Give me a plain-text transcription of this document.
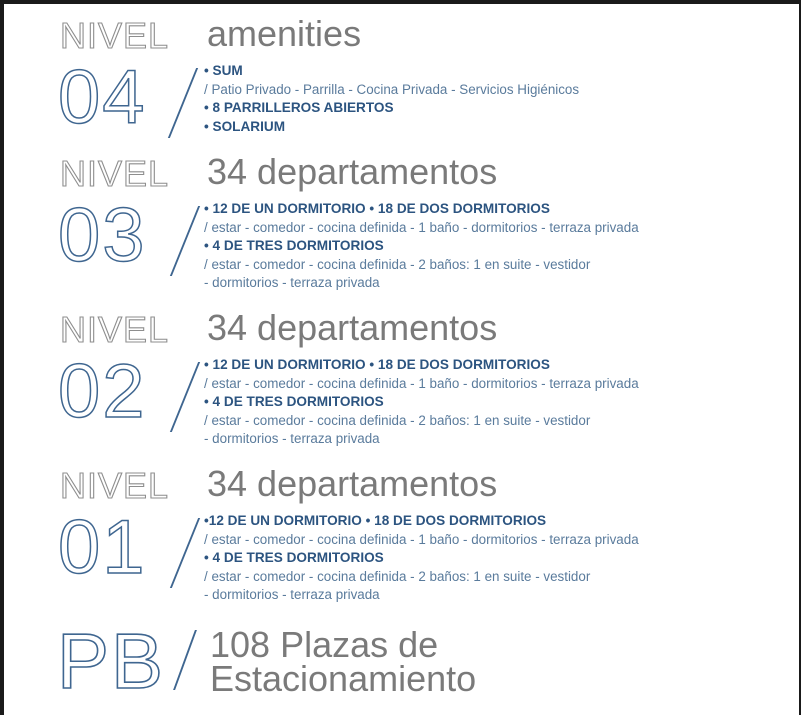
NIVEL amenities
04	• SUM
/ Patio Privado - Parrilla - Cocina Privada - Servicios Higiénicos
• 8 PARRILLEROS ABIERTOS
• SOLARIUM
NIVEL 34 departamentos
03	• 12 DE UN DORMITORIO • 18 DE DOS DORMITORIOS
/ estar - comedor - cocina definida - 1 baño - dormitorios - terraza privada
• 4 DE TRES DORMITORIOS
/ estar - comedor - cocina definida - 2 baños: 1 en suite - vestidor
- dormitorios - terraza privada
NIVEL 34 departamentos
02	• 12 DE UN DORMITORIO • 18 DE DOS DORMITORIOS
/ estar - comedor - cocina definida - 1 baño - dormitorios - terraza privada
• 4 DE TRES DORMITORIOS
/ estar - comedor - cocina definida - 2 baños: 1 en suite - vestidor
- dormitorios - terraza privada
NIVEL 34 departamentos
01	•12 DE UN DORMITORIO • 18 DE DOS DORMITORIOS
/ estar - comedor - cocina definida - 1 baño - dormitorios - terraza privada
• 4 DE TRES DORMITORIOS
/ estar - comedor - cocina definida - 2 baños: 1 en suite - vestidor
- dormitorios - terraza privada
PB 108 Plazas de
Estacionamiento
